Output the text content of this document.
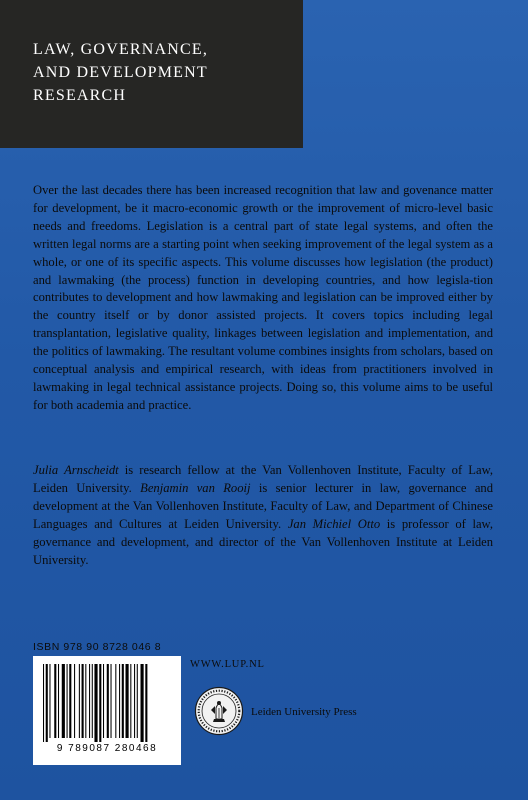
LAW, GOVERNANCE,
AND DEVELOPMENT
RESEARCH

Over the last decades there has been increased recognition that law and govenance matter for development, be it macro-economic growth or the improvement of micro-level basic needs and freedoms. Legislation is a central part of state legal systems, and often the written legal norms are a starting point when seeking improvement of the legal system as a whole, or one of its specific aspects. This volume discusses how legislation (the product) and lawmaking (the process) function in developing countries, and how legisla-tion contributes to development and how lawmaking and legislation can be improved either by the country itself or by donor assisted projects. It covers topics including legal transplantation, legislative quality, linkages between legislation and implementation, and the politics of lawmaking. The resultant volume combines insights from scholars, based on conceptual analysis and empirical research, with ideas from practitioners involved in lawmaking in legal technical assistance projects. Doing so, this volume aims to be useful for both academia and practice.

Julia Arnscheidt is research fellow at the Van Vollenhoven Institute, Faculty of Law, Leiden University. Benjamin van Rooij is senior lecturer in law, governance and development at the Van Vollenhoven Institute, Faculty of Law, and Department of Chinese Languages and Cultures at Leiden University. Jan Michiel Otto is professor of law, governance and development, and director of the Van Vollenhoven Institute at Leiden University.

ISBN 978 90 8728 046 8
9 789087 280468
WWW.LUP.NL
Leiden University Press
